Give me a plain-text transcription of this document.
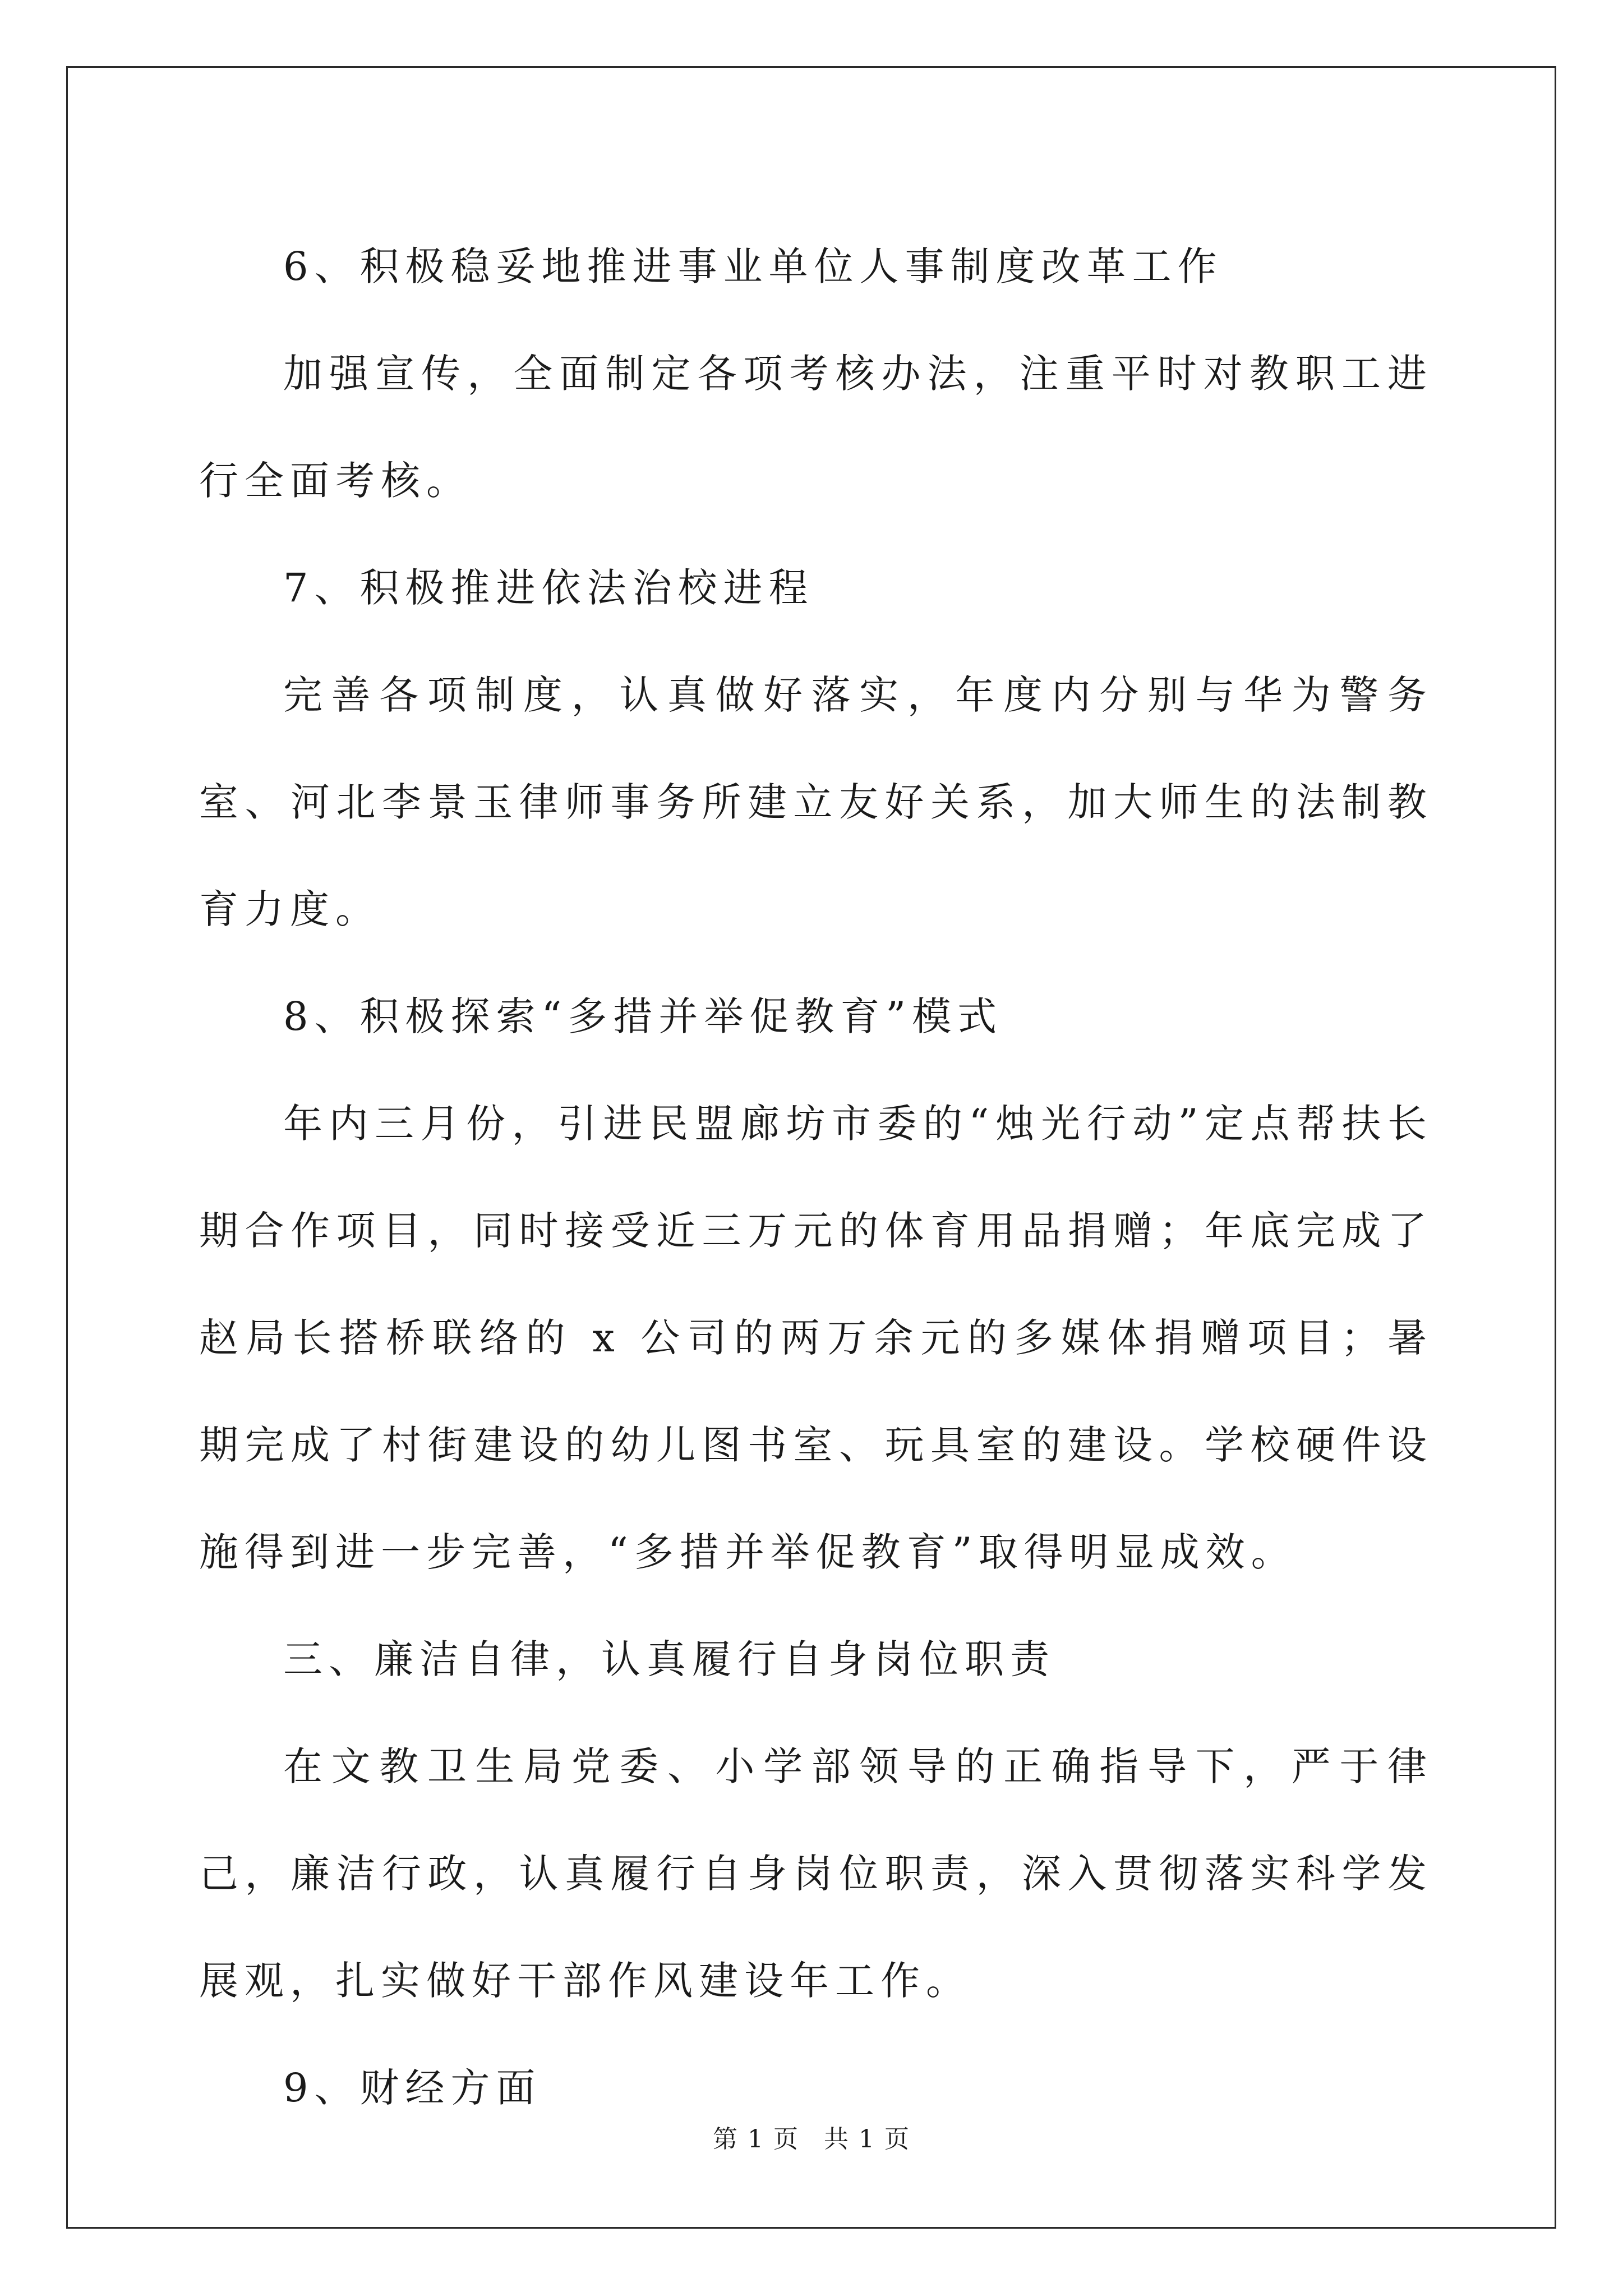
6、积极稳妥地推进事业单位人事制度改革工作

加强宣传，全面制定各项考核办法，注重平时对教职工进行全面考核。

7、积极推进依法治校进程

完善各项制度，认真做好落实，年度内分别与华为警务室、河北李景玉律师事务所建立友好关系，加大师生的法制教育力度。

8、积极探索“多措并举促教育”模式

年内三月份，引进民盟廊坊市委的“烛光行动”定点帮扶长期合作项目，同时接受近三万元的体育用品捐赠；年底完成了赵局长搭桥联络的 x 公司的两万余元的多媒体捐赠项目；暑期完成了村街建设的幼儿图书室、玩具室的建设。学校硬件设施得到进一步完善，“多措并举促教育”取得明显成效。

三、廉洁自律，认真履行自身岗位职责

在文教卫生局党委、小学部领导的正确指导下，严于律己，廉洁行政，认真履行自身岗位职责，深入贯彻落实科学发展观，扎实做好干部作风建设年工作。

9、财经方面

第 1 页 共 1 页
